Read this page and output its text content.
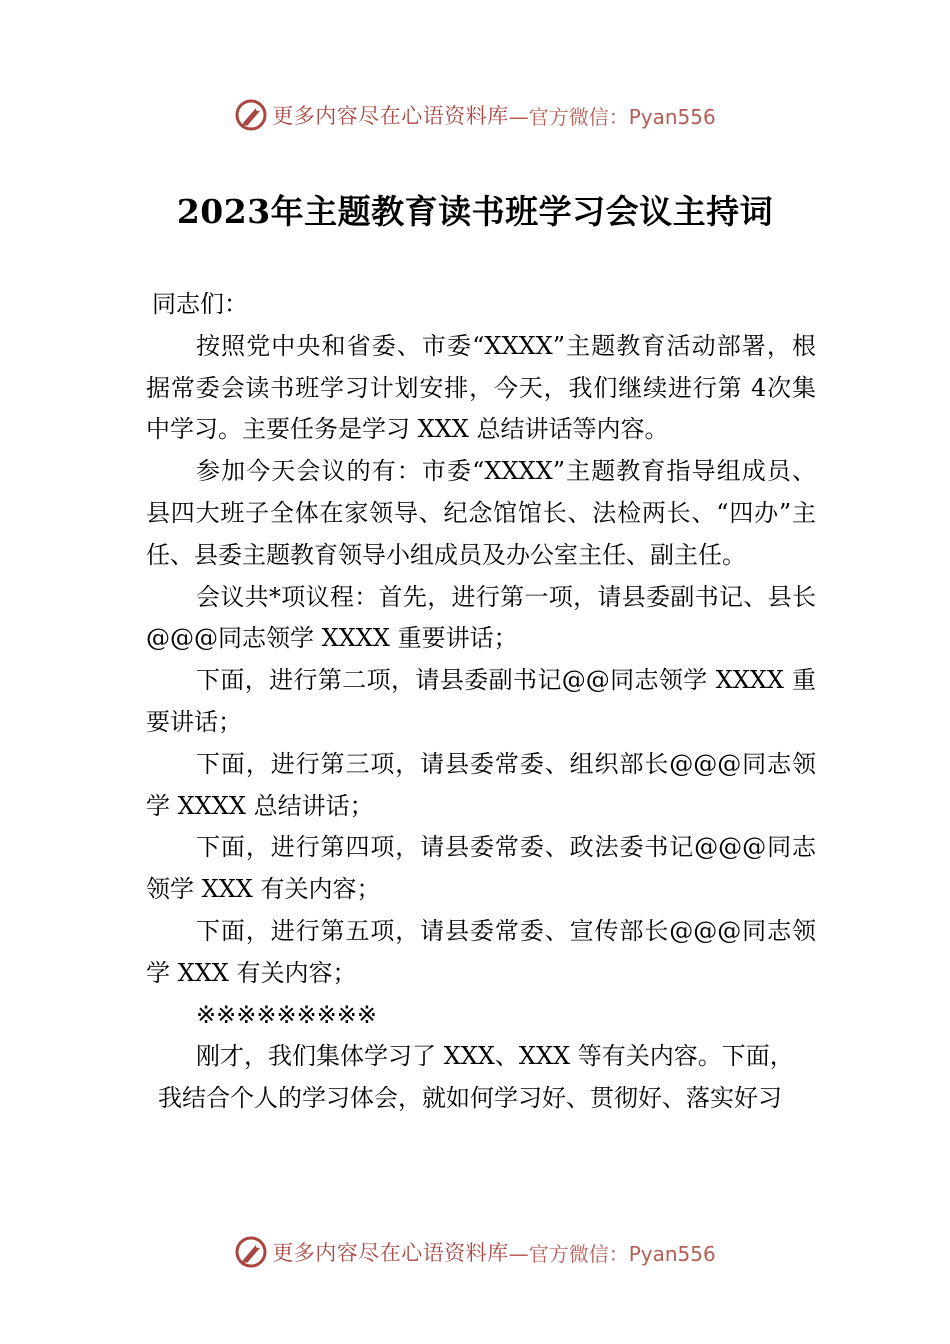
更多内容尽在心语资料库 —官方微信：Pyan556
2023年主题教育读书班学习会议主持词

同志们：

按照党中央和省委、市委“XXXX”主题教育活动部署，根据常委会读书班学习计划安排，今天，我们继续进行第 4次集中学习。主要任务是学习 XXX 总结讲话等内容。

参加今天会议的有：市委“XXXX”主题教育指导组成员、县四大班子全体在家领导、纪念馆馆长、法检两长、“四办”主任、县委主题教育领导小组成员及办公室主任、副主任。

会议共*项议程：首先，进行第一项，请县委副书记、县长@@@同志领学 XXXX 重要讲话；

下面，进行第二项，请县委副书记@@同志领学 XXXX 重要讲话；

下面，进行第三项，请县委常委、组织部长@@@同志领学 XXXX 总结讲话；

下面，进行第四项，请县委常委、政法委书记@@@同志领学 XXX 有关内容；

下面，进行第五项，请县委常委、宣传部长@@@同志领学 XXX 有关内容；

※※※※※※※※※

刚才，我们集体学习了 XXX、XXX 等有关内容。下面，

我结合个人的学习体会，就如何学习好、贯彻好、落实好习

更多内容尽在心语资料库 —官方微信：Pyan556
